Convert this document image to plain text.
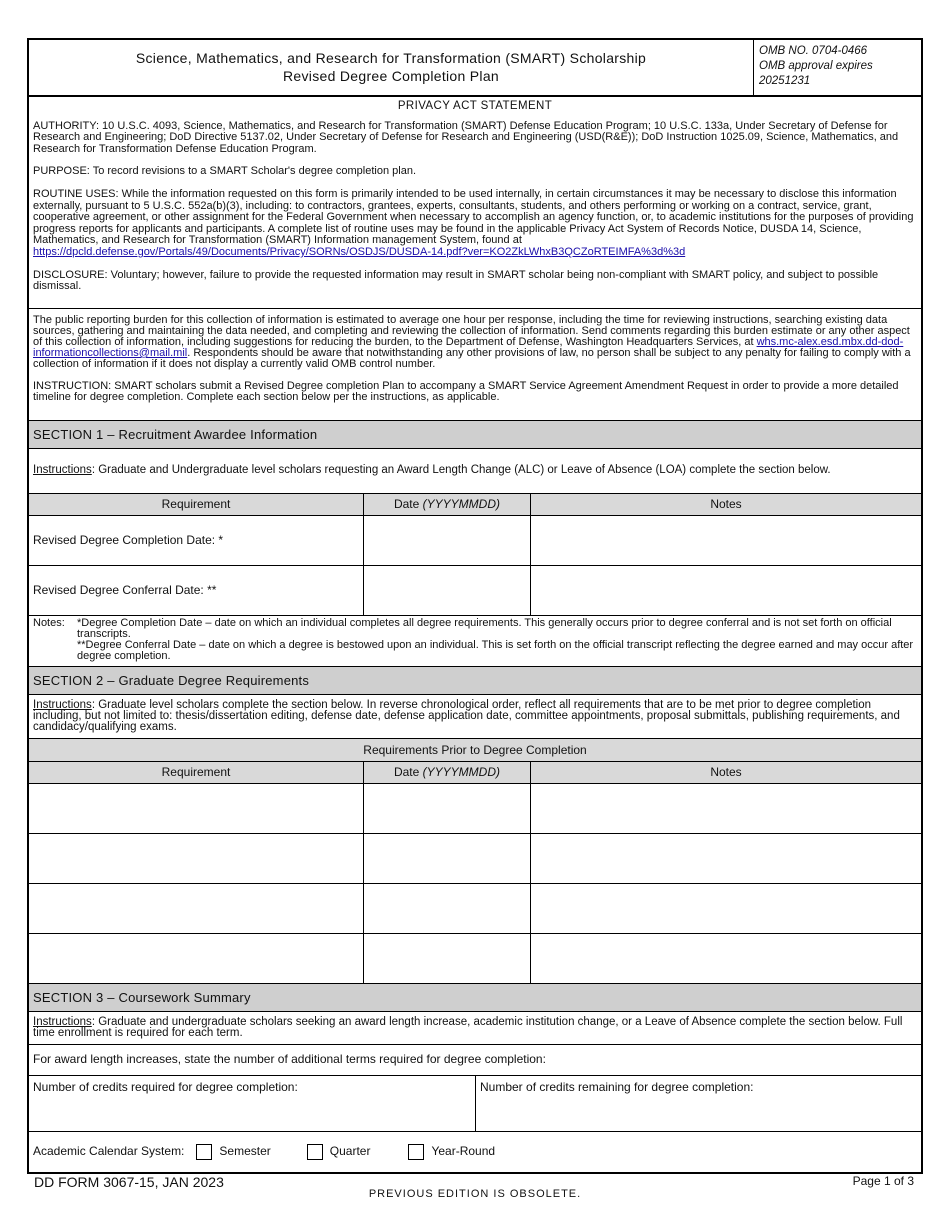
Science, Mathematics, and Research for Transformation (SMART) Scholarship
Revised Degree Completion Plan
OMB NO. 0704-0466
OMB approval expires
20251231
PRIVACY ACT STATEMENT

AUTHORITY: 10 U.S.C. 4093, Science, Mathematics, and Research for Transformation (SMART) Defense Education Program; 10 U.S.C. 133a, Under Secretary of Defense for Research and Engineering; DoD Directive 5137.02, Under Secretary of Defense for Research and Engineering (USD(R&E)); DoD Instruction 1025.09, Science, Mathematics, and Research for Transformation Defense Education Program.

PURPOSE: To record revisions to a SMART Scholar's degree completion plan.

ROUTINE USES: While the information requested on this form is primarily intended to be used internally, in certain circumstances it may be necessary to disclose this information externally, pursuant to 5 U.S.C. 552a(b)(3), including: to contractors, grantees, experts, consultants, students, and others performing or working on a contract, service, grant, cooperative agreement, or other assignment for the Federal Government when necessary to accomplish an agency function, or, to academic institutions for the purposes of providing progress reports for applicants and participants. A complete list of routine uses may be found in the applicable Privacy Act System of Records Notice, DUSDA 14, Science, Mathematics, and Research for Transformation (SMART) Information management System, found at https://dpcld.defense.gov/Portals/49/Documents/Privacy/SORNs/OSDJS/DUSDA-14.pdf?ver=KO2ZkLWhxB3QCZoRTEIMFA%3d%3d

DISCLOSURE: Voluntary; however, failure to provide the requested information may result in SMART scholar being non-compliant with SMART policy, and subject to possible dismissal.

The public reporting burden for this collection of information is estimated to average one hour per response, including the time for reviewing instructions, searching existing data sources, gathering and maintaining the data needed, and completing and reviewing the collection of information. Send comments regarding this burden estimate or any other aspect of this collection of information, including suggestions for reducing the burden, to the Department of Defense, Washington Headquarters Services, at whs.mc-alex.esd.mbx.dd-dod-informationcollections@mail.mil. Respondents should be aware that notwithstanding any other provisions of law, no person shall be subject to any penalty for failing to comply with a collection of information if it does not display a currently valid OMB control number.

INSTRUCTION: SMART scholars submit a Revised Degree completion Plan to accompany a SMART Service Agreement Amendment Request in order to provide a more detailed timeline for degree completion. Complete each section below per the instructions, as applicable.

SECTION 1 – Recruitment Awardee Information
Instructions: Graduate and Undergraduate level scholars requesting an Award Length Change (ALC) or Leave of Absence (LOA) complete the section below.
Requirement	Date (YYYYMMDD)	Notes
Revised Degree Completion Date: *
Revised Degree Conferral Date: **
Notes:	*Degree Completion Date – date on which an individual completes all degree requirements. This generally occurs prior to degree conferral and is not set forth on official transcripts.
**Degree Conferral Date – date on which a degree is bestowed upon an individual. This is set forth on the official transcript reflecting the degree earned and may occur after degree completion.
SECTION 2 – Graduate Degree Requirements
Instructions: Graduate level scholars complete the section below. In reverse chronological order, reflect all requirements that are to be met prior to degree completion including, but not limited to: thesis/dissertation editing, defense date, defense application date, committee appointments, proposal submittals, publishing requirements, and candidacy/qualifying exams.
Requirements Prior to Degree Completion
Requirement	Date (YYYYMMDD)	Notes
SECTION 3 – Coursework Summary
Instructions: Graduate and undergraduate scholars seeking an award length increase, academic institution change, or a Leave of Absence complete the section below. Full time enrollment is required for each term.
For award length increases, state the number of additional terms required for degree completion:
Number of credits required for degree completion:	Number of credits remaining for degree completion:
Academic Calendar System:	Semester	Quarter	Year-Round
DD FORM 3067-15, JAN 2023
PREVIOUS EDITION IS OBSOLETE.
Page 1 of 3
